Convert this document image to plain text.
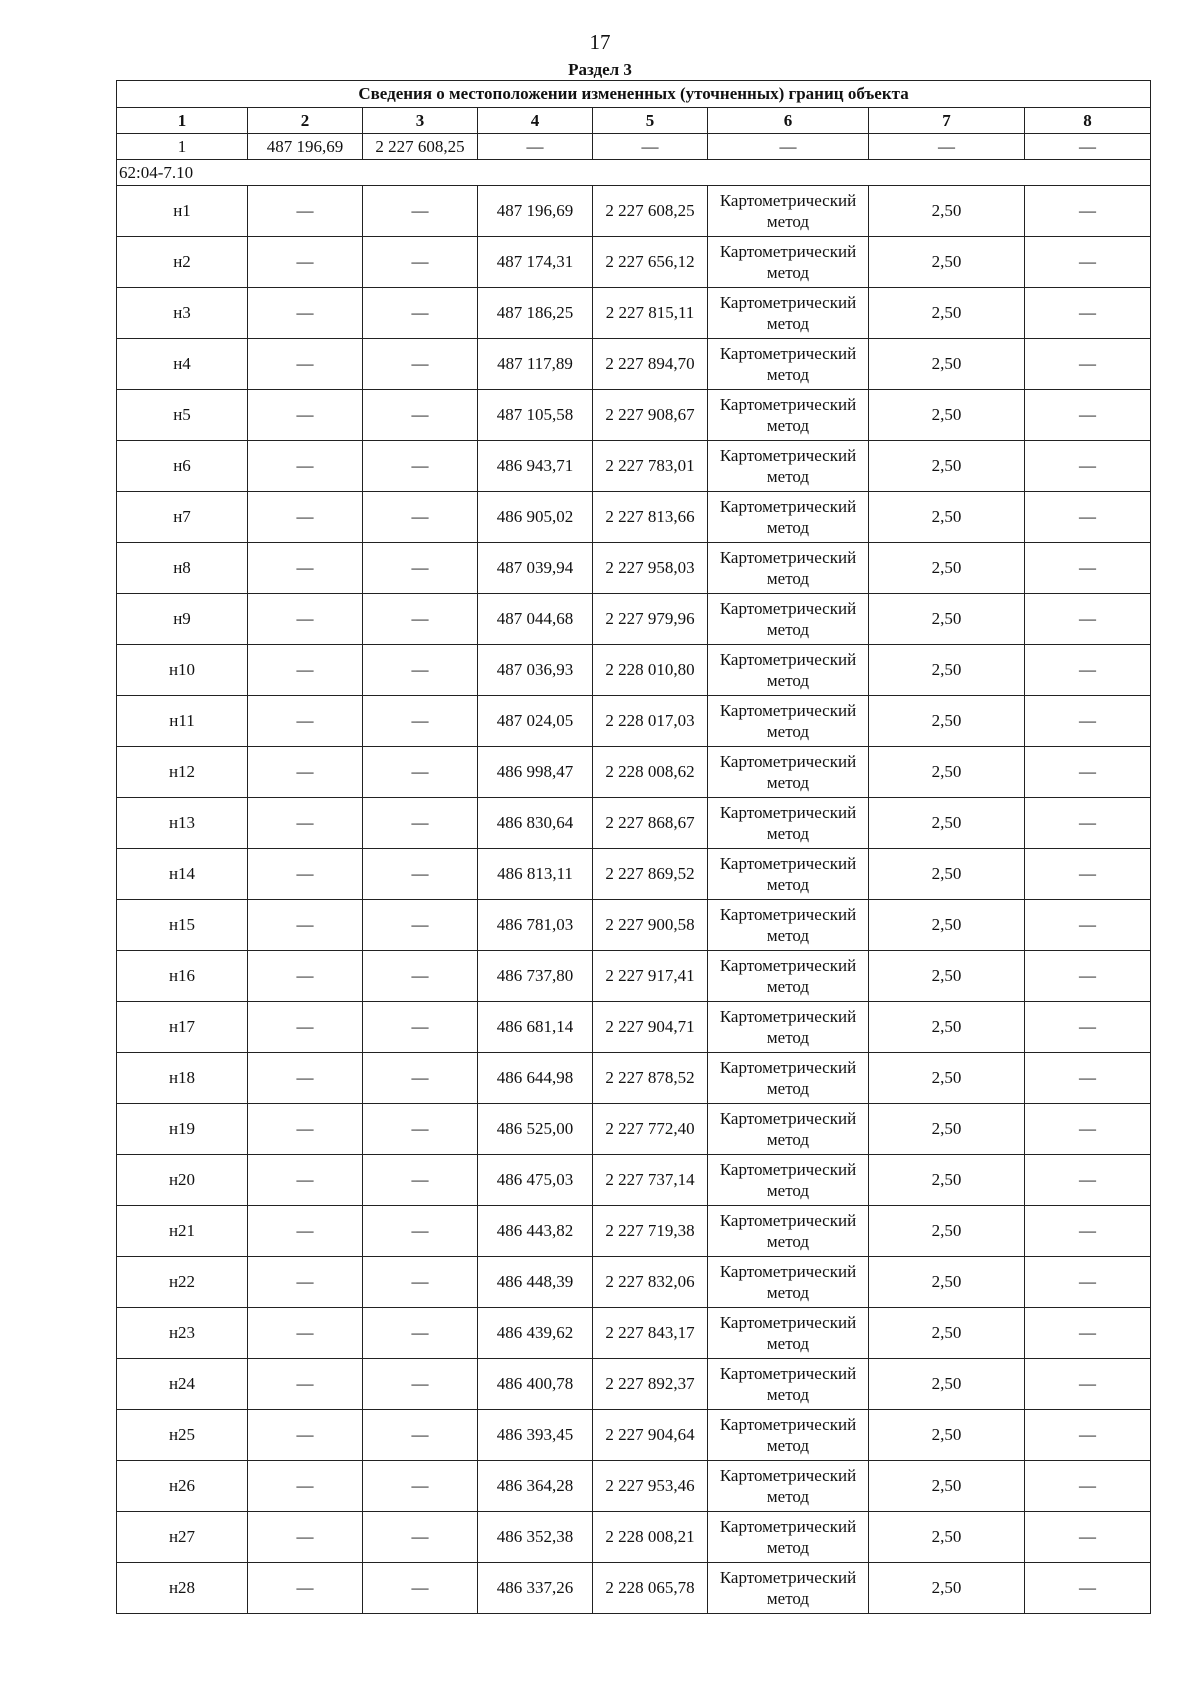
17
Раздел 3
Сведения о местоположении измененных (уточненных) границ объекта							
1	2	3	4	5	6	7	8
1	487 196,69	2 227 608,25	—	—	—	—	—
62:04-7.10							
н1	—	—	487 196,69	2 227 608,25	Картометрический метод	2,50	—
н2	—	—	487 174,31	2 227 656,12	Картометрический метод	2,50	—
н3	—	—	487 186,25	2 227 815,11	Картометрический метод	2,50	—
н4	—	—	487 117,89	2 227 894,70	Картометрический метод	2,50	—
н5	—	—	487 105,58	2 227 908,67	Картометрический метод	2,50	—
н6	—	—	486 943,71	2 227 783,01	Картометрический метод	2,50	—
н7	—	—	486 905,02	2 227 813,66	Картометрический метод	2,50	—
н8	—	—	487 039,94	2 227 958,03	Картометрический метод	2,50	—
н9	—	—	487 044,68	2 227 979,96	Картометрический метод	2,50	—
н10	—	—	487 036,93	2 228 010,80	Картометрический метод	2,50	—
н11	—	—	487 024,05	2 228 017,03	Картометрический метод	2,50	—
н12	—	—	486 998,47	2 228 008,62	Картометрический метод	2,50	—
н13	—	—	486 830,64	2 227 868,67	Картометрический метод	2,50	—
н14	—	—	486 813,11	2 227 869,52	Картометрический метод	2,50	—
н15	—	—	486 781,03	2 227 900,58	Картометрический метод	2,50	—
н16	—	—	486 737,80	2 227 917,41	Картометрический метод	2,50	—
н17	—	—	486 681,14	2 227 904,71	Картометрический метод	2,50	—
н18	—	—	486 644,98	2 227 878,52	Картометрический метод	2,50	—
н19	—	—	486 525,00	2 227 772,40	Картометрический метод	2,50	—
н20	—	—	486 475,03	2 227 737,14	Картометрический метод	2,50	—
н21	—	—	486 443,82	2 227 719,38	Картометрический метод	2,50	—
н22	—	—	486 448,39	2 227 832,06	Картометрический метод	2,50	—
н23	—	—	486 439,62	2 227 843,17	Картометрический метод	2,50	—
н24	—	—	486 400,78	2 227 892,37	Картометрический метод	2,50	—
н25	—	—	486 393,45	2 227 904,64	Картометрический метод	2,50	—
н26	—	—	486 364,28	2 227 953,46	Картометрический метод	2,50	—
н27	—	—	486 352,38	2 228 008,21	Картометрический метод	2,50	—
н28	—	—	486 337,26	2 228 065,78	Картометрический метод	2,50	—
